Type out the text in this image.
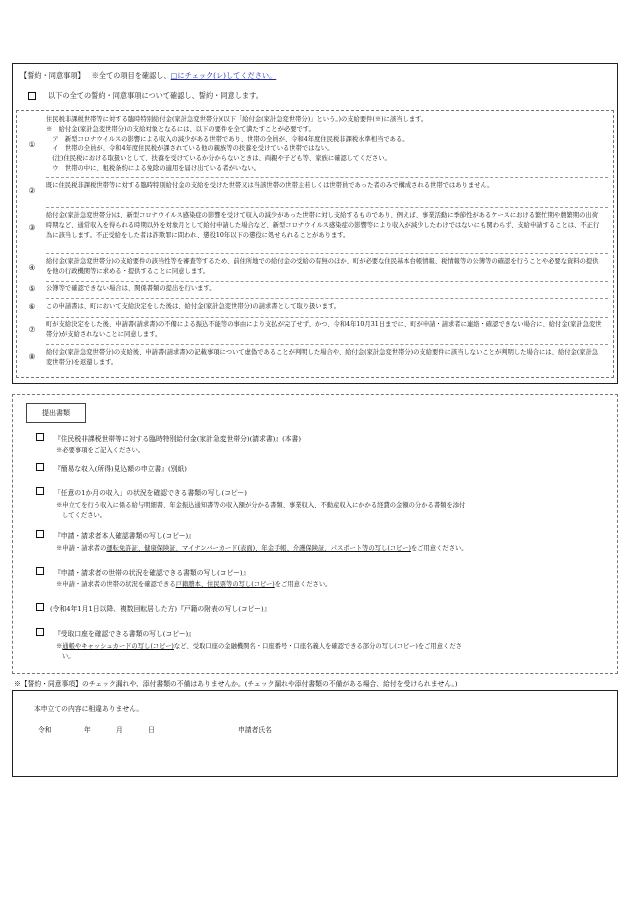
【誓約・同意事項】 ※全ての項目を確認し、□にチェック(レ)してください。
以下の全ての誓約・同意事項について確認し、誓約・同意します。
①
住民税非課税世帯等に対する臨時特別給付金(家計急変世帯分)(以下「給付金(家計急変世帯分)」という。)の支給要件(※)に該当します。
※　給付金(家計急変世帯分)の支給対象となるには、以下の要件を全て満たすことが必要です。
　ア　新型コロナウイルスの影響による収入の減少がある世帯であり、世帯の全員が、令和4年度住民税非課税水準相当である。
　イ　世帯の全員が、令和4年度住民税が課されている他の親族等の扶養を受けている世帯ではない。
　(注)住民税における取扱いとして、扶養を受けているか分からないときは、両親や子ども等、家族に確認してください。
　ウ　世帯の中に、租税条約による免除の適用を届け出ている者がいない。
②
既に住民税非課税世帯等に対する臨時特別給付金の支給を受けた世帯又は当該世帯の世帯主若しくは世帯員であった者のみで構成される世帯ではありません。
③
給付金(家計急変世帯分)は、新型コロナウイルス感染症の影響を受けて収入の減少があった世帯に対し支給するものであり、例えば、事業活動に季節性があるケースにおける繁忙期や農繁期の出荷時期など、通常収入を得られる時期以外を対象月として給付申請した場合など、新型コロナウイルス感染症の影響等により収入が減少したわけではないにも関わらず、支給申請することは、不正行為に該当します。不正受給をした者は詐欺罪に問われ、懲役10年以下の懲役に処せられることがあります。
④
給付金(家計急変世帯分)の支給要件の該当性等を審査等するため、前住所地での給付金の受給の有無のほか、町が必要な住民基本台帳情報、税情報等の公簿等の確認を行うことや必要な資料の提供を他の行政機関等に求める・提供することに同意します。
⑤	公簿等で確認できない場合は、関係書類の提出を行います。
⑥	この申請書は、町において支給決定をした後は、給付金(家計急変世帯分)の請求書として取り扱います。
⑦
町が支給決定をした後、申請書(請求書)の不備による振込不能等の事由により支払が完了せず、かつ、令和4年10月31日までに、町が申請・請求者に連絡・確認できない場合に、給付金(家計急変世帯分)が支給されないことに同意します。
⑧	給付金(家計急変世帯分)の支給後、申請書(請求書)の記載事項について虚偽であることが判明した場合や、給付金(家計急変世帯分)の支給要件に該当しないことが判明した場合には、給付金(家計急変世帯分)を返還します。
提出書類
『住民税非課税世帯等に対する臨時特別給付金(家計急変世帯分)(請求書)』(本書)
※必要事項をご記入ください。
『簡易な収入(所得)見込額の申立書』(別紙)
「任意の1か月の収入」の状況を確認できる書類の写し(コピー)
※申立てを行う収入に係る給与明細書、年金振込通知書等の収入額が分かる書類、事業収入、不動産収入にかかる経費の金額の分かる書類を添付
してください。
『申請・請求者本人確認書類の写し(コピー)』
※申請・請求者の運転免許証、健康保険証、マイナンバーカード(表面)、年金手帳、介護保険証、パスポート等の写し(コピー)をご用意ください。
『申請・請求者の世帯の状況を確認できる書類の写し(コピー)』
※申請・請求者の世帯の状況を確認できる戸籍謄本、住民票等の写し(コピー)をご用意ください。
(令和4年1月1日以降、複数回転居した方)『戸籍の附表の写し(コピー)』
『受取口座を確認できる書類の写し(コピー)』
※通帳やキャッシュカードの写し(コピー)など、受取口座の金融機関名・口座番号・口座名義人を確認できる部分の写し(コピー)をご用意くださ
い。
※【誓約・同意事項】のチェック漏れや、添付書類の不備はありませんか。(チェック漏れや添付書類の不備がある場合、給付を受けられません。)
本申立ての内容に相違ありません。
令和	年	月	日	申請者氏名
